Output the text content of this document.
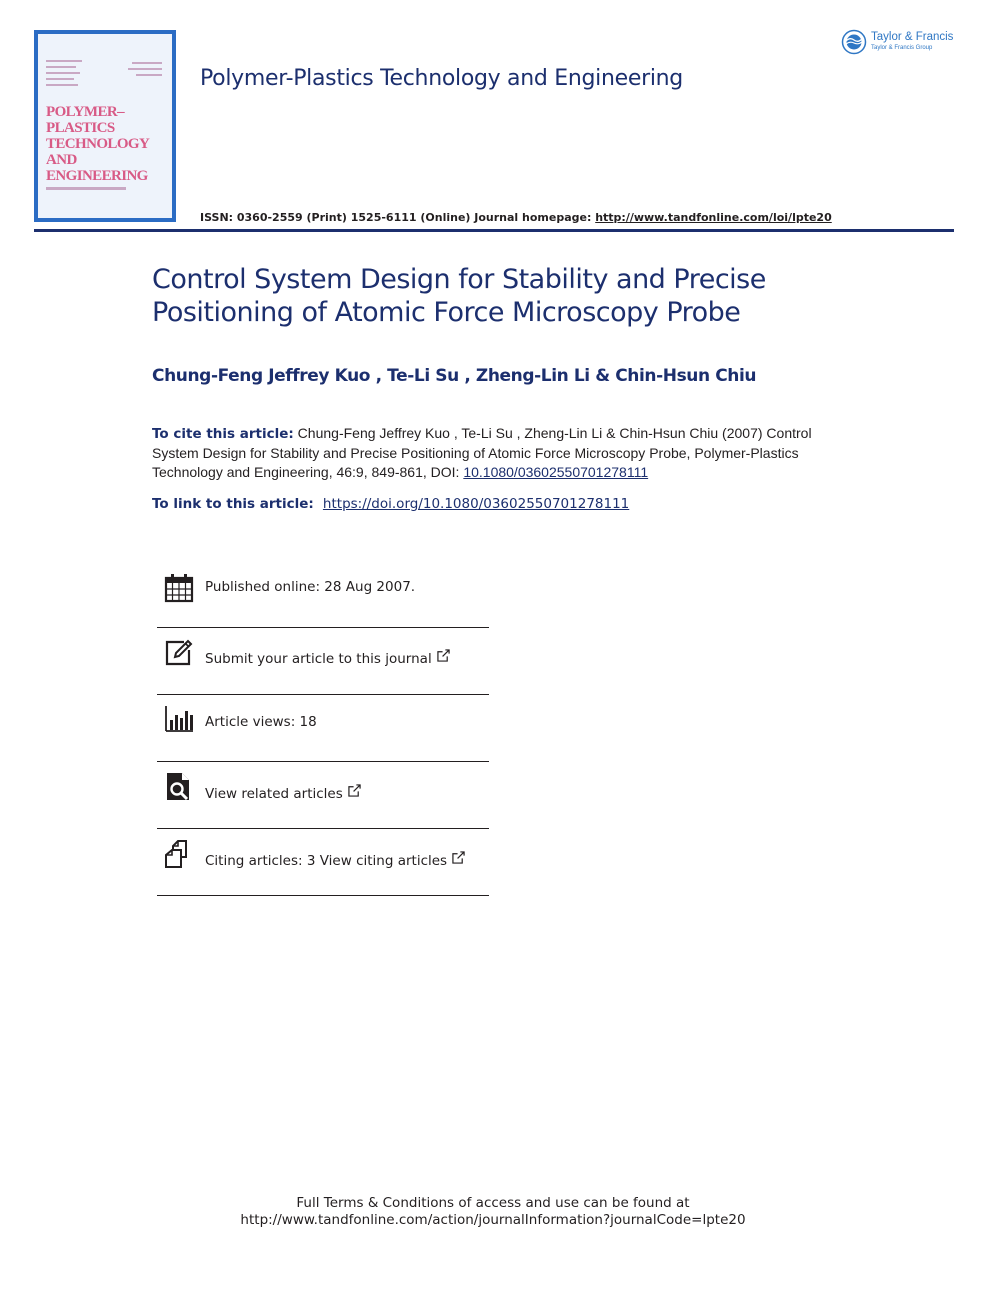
POLYMER–PLASTICS
TECHNOLOGY
AND
ENGINEERING
Polymer-Plastics Technology and Engineering
Taylor & Francis
Taylor & Francis Group
ISSN: 0360-2559 (Print) 1525-6111 (Online) Journal homepage: http://www.tandfonline.com/loi/lpte20
Control System Design for Stability and Precise
Positioning of Atomic Force Microscopy Probe
Chung-Feng Jeffrey Kuo , Te-Li Su , Zheng-Lin Li & Chin-Hsun Chiu
To cite this article: Chung-Feng Jeffrey Kuo , Te-Li Su , Zheng-Lin Li & Chin-Hsun Chiu (2007) Control System Design for Stability and Precise Positioning of Atomic Force Microscopy Probe, Polymer-Plastics Technology and Engineering, 46:9, 849-861, DOI: 10.1080/03602550701278111
To link to this article: https://doi.org/10.1080/03602550701278111
Published online: 28 Aug 2007.
Submit your article to this journal
Article views: 18
View related articles
Citing articles: 3 View citing articles
Full Terms & Conditions of access and use can be found at
http://www.tandfonline.com/action/journalInformation?journalCode=lpte20
